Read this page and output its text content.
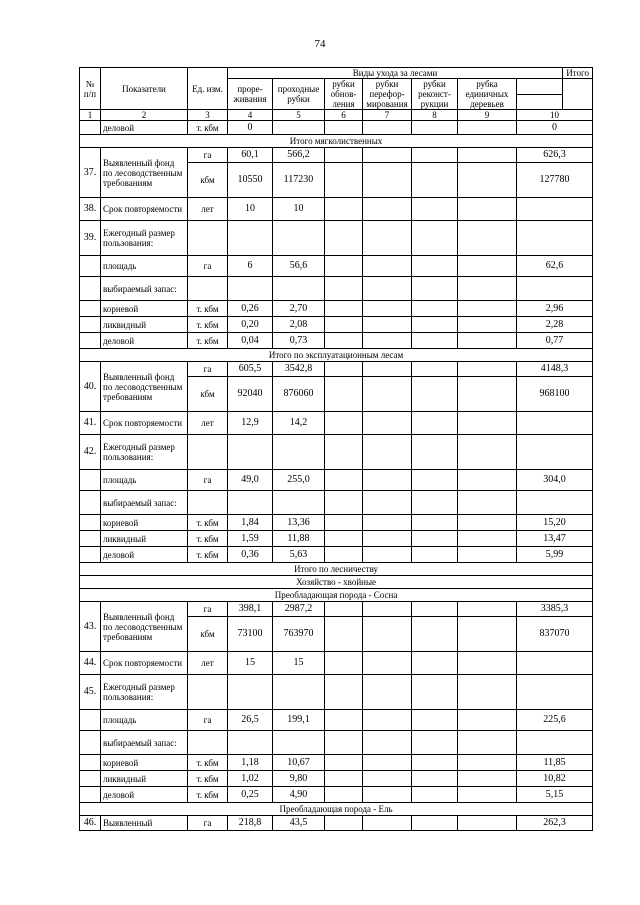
74
№ п/п	Показатели	Ед. изм.	Виды ухода за лесами							Итого
			проре-живания	проходные рубки	рубки обнов-ления	рубки перефор-мирования	рубки реконст-рукции	рубка единичных деревьев		

1	2	3	4	5	6	7	8	9	10	
	деловой	т. кбм	0						0	
Итого мягколиственных										
37.	Выявленный фонд по лесоводственным требованиям	га	60,1	566,2					626,3	
		кбм	10550	117230					127780	
38.	Срок повторяемости	лет	10	10						
39.	Ежегодный размер пользования:									
	площадь	га	6	56,6					62,6	
	выбираемый запас:									
	корневой	т. кбм	0,26	2,70					2,96	
	ликвидный	т. кбм	0,20	2,08					2,28	
	деловой	т. кбм	0,04	0,73					0,77	
Итого по эксплуатационным лесам										
40.	Выявленный фонд по лесоводственным требованиям	га	605,5	3542,8					4148,3	
		кбм	92040	876060					968100	
41.	Срок повторяемости	лет	12,9	14,2						
42.	Ежегодный размер пользования:									
	площадь	га	49,0	255,0					304,0	
	выбираемый запас:									
	корневой	т. кбм	1,84	13,36					15,20	
	ликвидный	т. кбм	1,59	11,88					13,47	
	деловой	т. кбм	0,36	5,63					5,99	
Итого по лесничеству										
Хозяйство - хвойные										
Преобладающая порода - Сосна										
43.	Выявленный фонд по лесоводственным требованиям	га	398,1	2987,2					3385,3	
		кбм	73100	763970					837070	
44.	Срок повторяемости	лет	15	15						
45.	Ежегодный размер пользования:									
	площадь	га	26,5	199,1					225,6	
	выбираемый запас:									
	корневой	т. кбм	1,18	10,67					11,85	
	ликвидный	т. кбм	1,02	9,80					10,82	
	деловой	т. кбм	0,25	4,90					5,15	
Преобладающая порода - Ель										
46.	Выявленный	га	218,8	43,5					262,3	
